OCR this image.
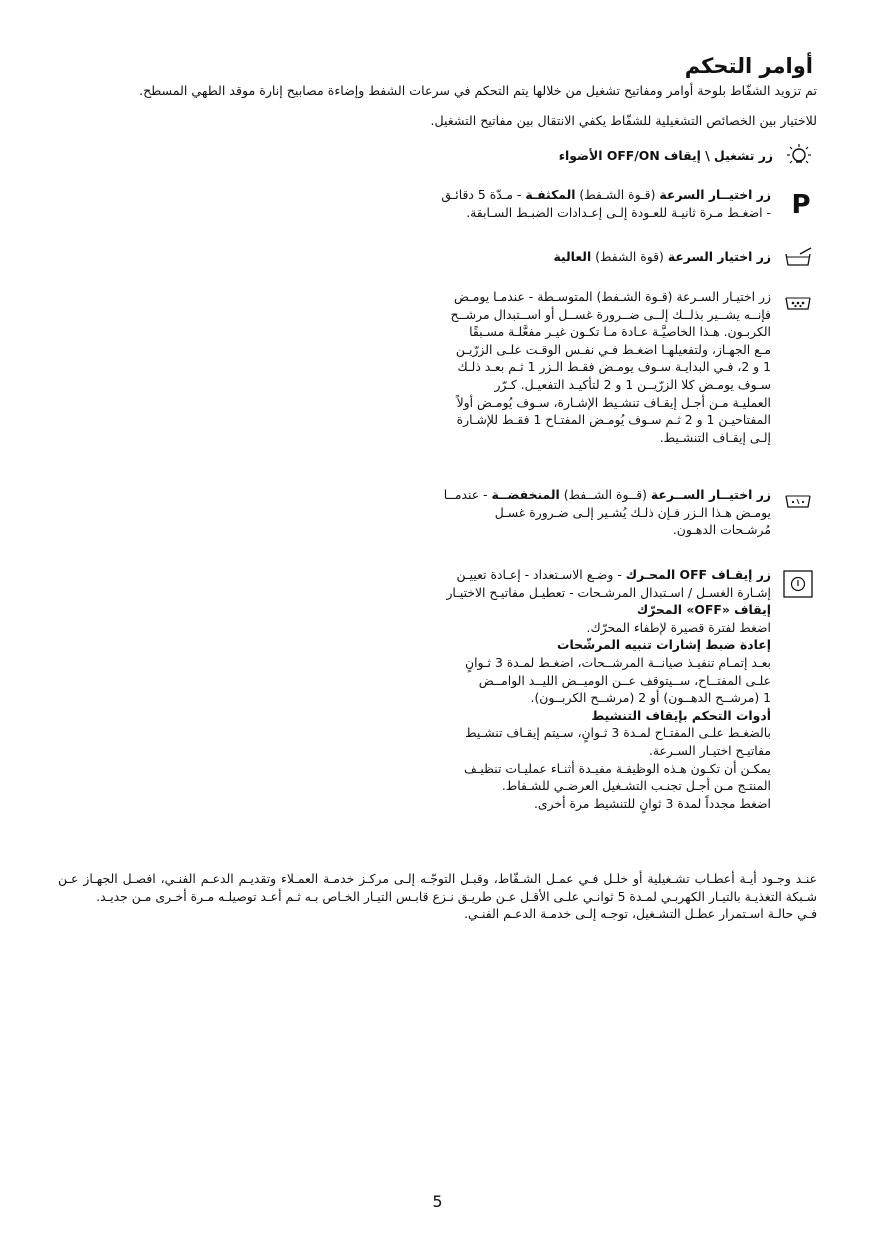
أوامر التحكم
تم تزويد الشفّاط بلوحة أوامر ومفاتيح تشغيل من خلالها يتم التحكم في سرعات الشفط وإضاءة مصابيح إنارة موقد الطهي المسطح.
للاختيار بين الخصائص التشغيلية للشفّاط يكفي الانتقال بين مفاتيح التشغيل.
زر تشغيل \ إيقاف OFF/ON الأضواء
P

زر اختيــار السرعة (قـوة الشـفط) المكثفـة - مـدّة 5 دقائـق

- اضغـط مـرة ثانيـة للعـودة إلـى إعـدادات الضبـط السـابقة.

زر اختيار السرعة (قوة الشفط) العالية

زر اختيـار السـرعة (قـوة الشـفط) المتوسـطة - عندمـا يومـض

فإنــه يشــير بذلــك إلــى ضــرورة غســل أو اســتبدال مرشــح

الكربـون. هـذا الخاصيَّـة عـادة مـا تكـون غيـر مفعَّلـة مسـبقًا

مـع الجهـاز، ولتفعيلهـا اضغـط فـي نفـس الوقـت علـى الزرّيـن

1 و 2، فـي البدايـة سـوف يومـض فقـط الـزر 1 ثـم بعـد ذلـك

سـوف يومـض كلا الزرّيــن 1 و 2 لتأكيـد التفعيـل. كـرّر

العمليـة مـن أجـل إيقـاف تنشـيط الإشـارة، سـوف يُومـض أولاً

المفتاحيـن 1 و 2 ثـم سـوف يُومـض المفتـاح 1 فقـط للإشـارة

إلـى إيقـاف التنشـيط.

زر اختيــار الســرعة (قــوة الشــفط) المنخفضــة - عندمــا

يومـض هـذا الـزر فـإن ذلـك يُشـير إلـى ضـرورة غسـل

مُرشـحات الدهـون.

زر إيقـاف OFF المحـرك - وضـع الاسـتعداد - إعـادة تعييـن

إشـارة الغسـل / اسـتبدال المرشـحات - تعطيـل مفاتيـح الاختيـار

إيقاف «OFF» المحرّك

اضغط لفترة قصيرة لإطفاء المحرّك.

إعادة ضبط إشارات تنبيه المرشّحات

بعـد إتمـام تنفيـذ صيانــة المرشــحات، اضغـط لمـدة 3 ثـوانٍ

علـى المفتــاح، ســيتوقف عــن الوميــض الليــد الوامــض

1 (مرشــح الدهــون) أو 2 (مرشــح الكربــون).

أدوات التحكم بإيقاف التنشيط

بالضغـط علـى المفتـاح لمـدة 3 ثـوانٍ، سـيتم إيقـاف تنشـيط

مفاتيـح اختيـار السـرعة.

يمكـن أن تكـون هـذه الوظيفـة مفيـدة أثنـاء عمليـات تنظيـف

المنتـج مـن أجـل تجنـب التشـغيل العرضـي للشـفاط.

اضغط مجدداً لمدة 3 ثوانٍ للتنشيط مرة أخرى.

عنـد وجـود أيـة أعطـاب تشـغيلية أو خلـل فـي عمـل الشـفّاط، وقبـل التوجّـه إلـى مركـز خدمـة العمـلاء وتقديـم الدعـم الفنـي، افصـل الجهـاز عـن شـبكة التغذيـة بالتيـار الكهربـي لمـدة 5 ثوانـي علـى الأقـل عـن طريـق نـزع قابـس التيـار الخـاص بـه ثـم أعـد توصيلـه مـرة أخـرى مـن جديـد.

فـي حالـة اسـتمرار عطـل التشـغيل، توجـه إلـى خدمـة الدعـم الفنـي.

5
